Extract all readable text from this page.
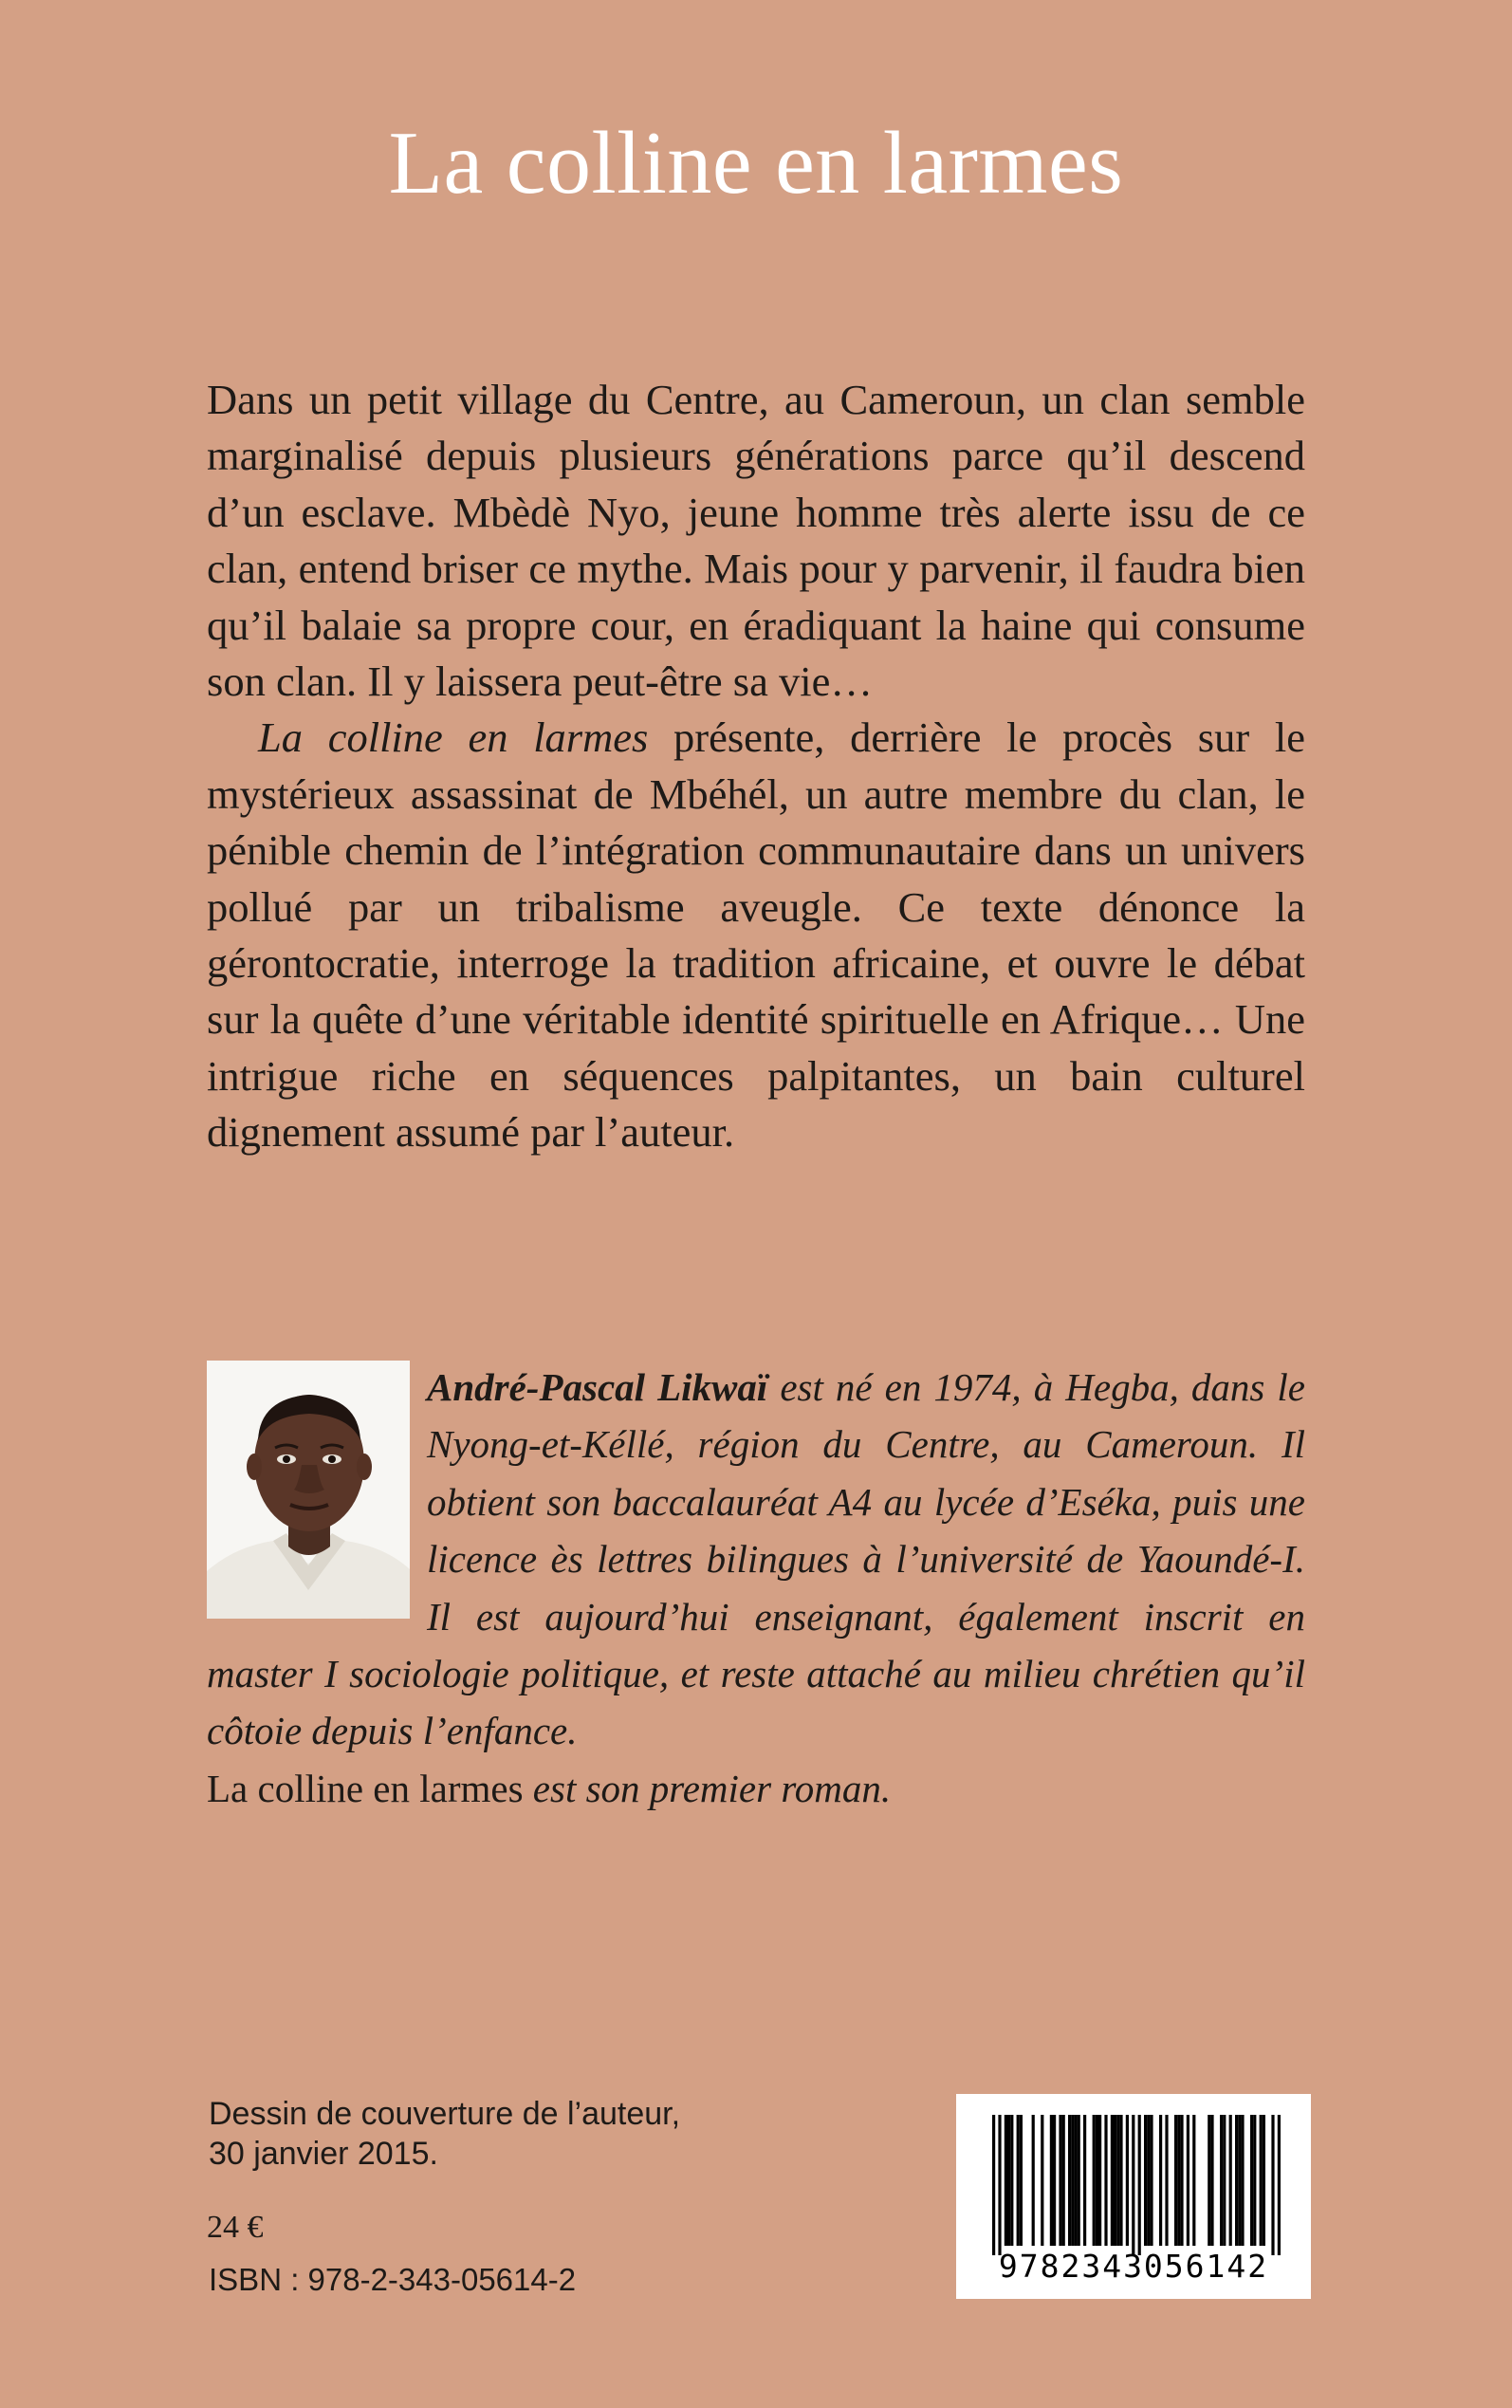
La colline en larmes

Dans un petit village du Centre, au Cameroun, un clan semble marginalisé depuis plusieurs générations parce qu’il descend d’un esclave. Mbèdè Nyo, jeune homme très alerte issu de ce clan, entend briser ce mythe. Mais pour y parvenir, il faudra bien qu’il balaie sa propre cour, en éradiquant la haine qui consume son clan. Il y laissera peut-être sa vie…

La colline en larmes présente, derrière le procès sur le mystérieux assassinat de Mbéhél, un autre membre du clan, le pénible chemin de l’intégration communautaire dans un univers pollué par un tribalisme aveugle. Ce texte dénonce la gérontocratie, interroge la tradition africaine, et ouvre le débat sur la quête d’une véritable identité spirituelle en Afrique… Une intrigue riche en séquences palpitantes, un bain culturel dignement assumé par l’auteur.

André-Pascal Likwaï est né en 1974, à Hegba, dans le Nyong-et-Kéllé, région du Centre, au Cameroun. Il obtient son baccalauréat A4 au lycée d’Eséka, puis une licence ès lettres bilingues à l’université de Yaoundé-I. Il est aujourd’hui enseignant, également inscrit en master I sociologie politique, et reste attaché au milieu chrétien qu’il côtoie depuis l’enfance.

La colline en larmes est son premier roman.

Dessin de couverture de l’auteur,
30 janvier 2015.
24 €
ISBN : 978-2-343-05614-2	9782343056142
